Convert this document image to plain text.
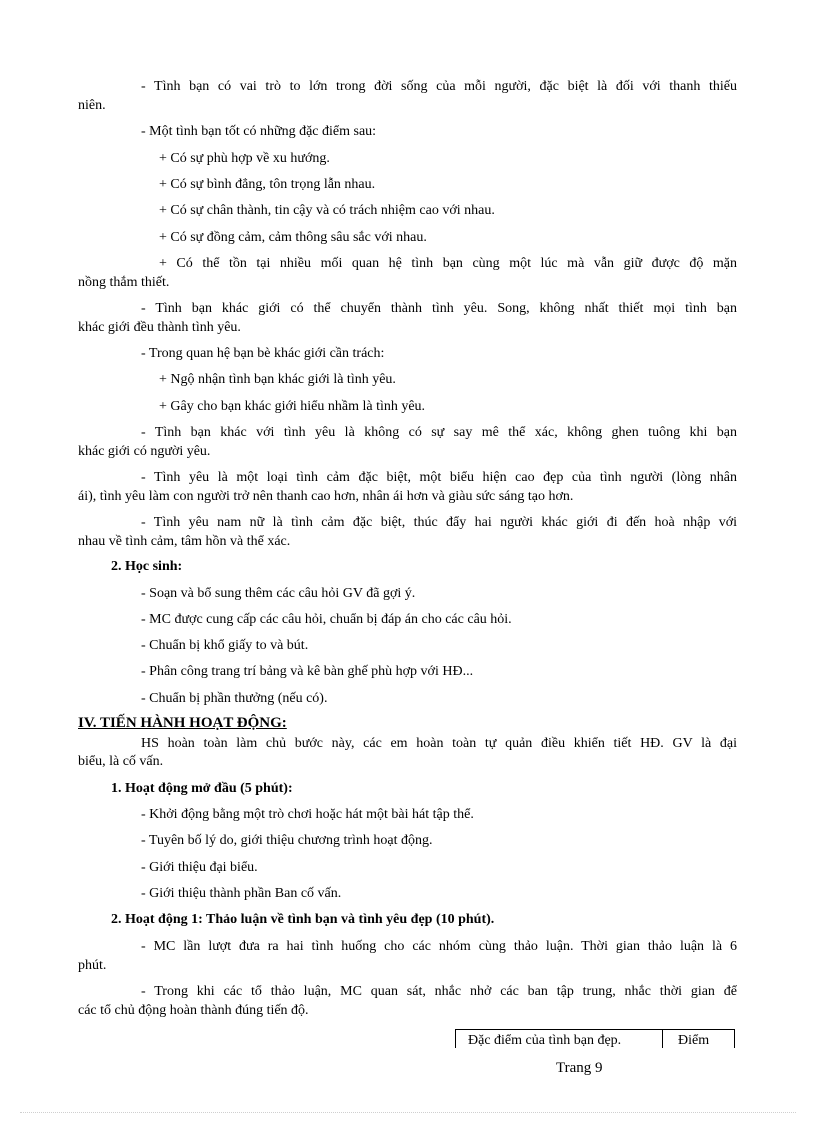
- Tình bạn có vai trò to lớn trong đời sống của mỗi người, đặc biệt là đối với thanh thiếu
niên.
- Một tình bạn tốt có những đặc điểm sau:
+ Có sự phù hợp về xu hướng.
+ Có sự bình đẳng, tôn trọng lẫn nhau.
+ Có sự chân thành, tin cậy và có trách nhiệm cao với nhau.
+ Có sự đồng cảm, cảm thông sâu sắc với nhau.
+ Có thể tồn tại nhiều mối quan hệ tình bạn cùng một lúc mà vẫn giữ được độ mặn
nồng thắm thiết.
- Tình bạn khác giới có thể chuyển thành tình yêu. Song, không nhất thiết mọi tình bạn
khác giới đều thành tình yêu.
- Trong quan hệ bạn bè khác giới cần trách:
+ Ngộ nhận tình bạn khác giới là tình yêu.
+ Gây cho bạn khác giới hiểu nhầm là tình yêu.
- Tình bạn khác với tình yêu là không có sự say mê thể xác, không ghen tuông khi bạn
khác giới có người yêu.
- Tình yêu là một loại tình cảm đặc biệt, một biểu hiện cao đẹp của tình người (lòng nhân
ái), tình yêu làm con người trở nên thanh cao hơn, nhân ái hơn và giàu sức sáng tạo hơn.
- Tình yêu nam nữ là tình cảm đặc biệt, thúc đẩy hai người khác giới đi đến hoà nhập với
nhau về tình cảm, tâm hồn và thể xác.
2. Học sinh:
- Soạn và bổ sung thêm các câu hỏi GV đã gợi ý.
- MC được cung cấp các câu hỏi, chuẩn bị đáp án cho các câu hỏi.
- Chuẩn bị khổ giấy to và bút.
- Phân công trang trí bảng và kê bàn ghế phù hợp với HĐ...
- Chuẩn bị phần thưởng (nếu có).
IV. TIẾN HÀNH HOẠT ĐỘNG:
HS hoàn toàn làm chủ bước này, các em hoàn toàn tự quản điều khiển tiết HĐ. GV là đại
biểu, là cố vấn.
1. Hoạt động mở đầu (5 phút):
- Khởi động bằng một trò chơi hoặc hát một bài hát tập thể.
- Tuyên bố lý do, giới thiệu chương trình hoạt động.
- Giới thiệu đại biểu.
- Giới thiệu thành phần Ban cố vấn.
2. Hoạt động 1: Thảo luận về tình bạn và tình yêu đẹp (10 phút).
- MC lần lượt đưa ra hai tình huống cho các nhóm cùng thảo luận. Thời gian thảo luận là 6
phút.
- Trong khi các tổ thảo luận, MC quan sát, nhắc nhở các ban tập trung, nhắc thời gian để
các tổ chủ động hoàn thành đúng tiến độ.
Đặc điểm của tình bạn đẹp.	Điểm
Trang 9
